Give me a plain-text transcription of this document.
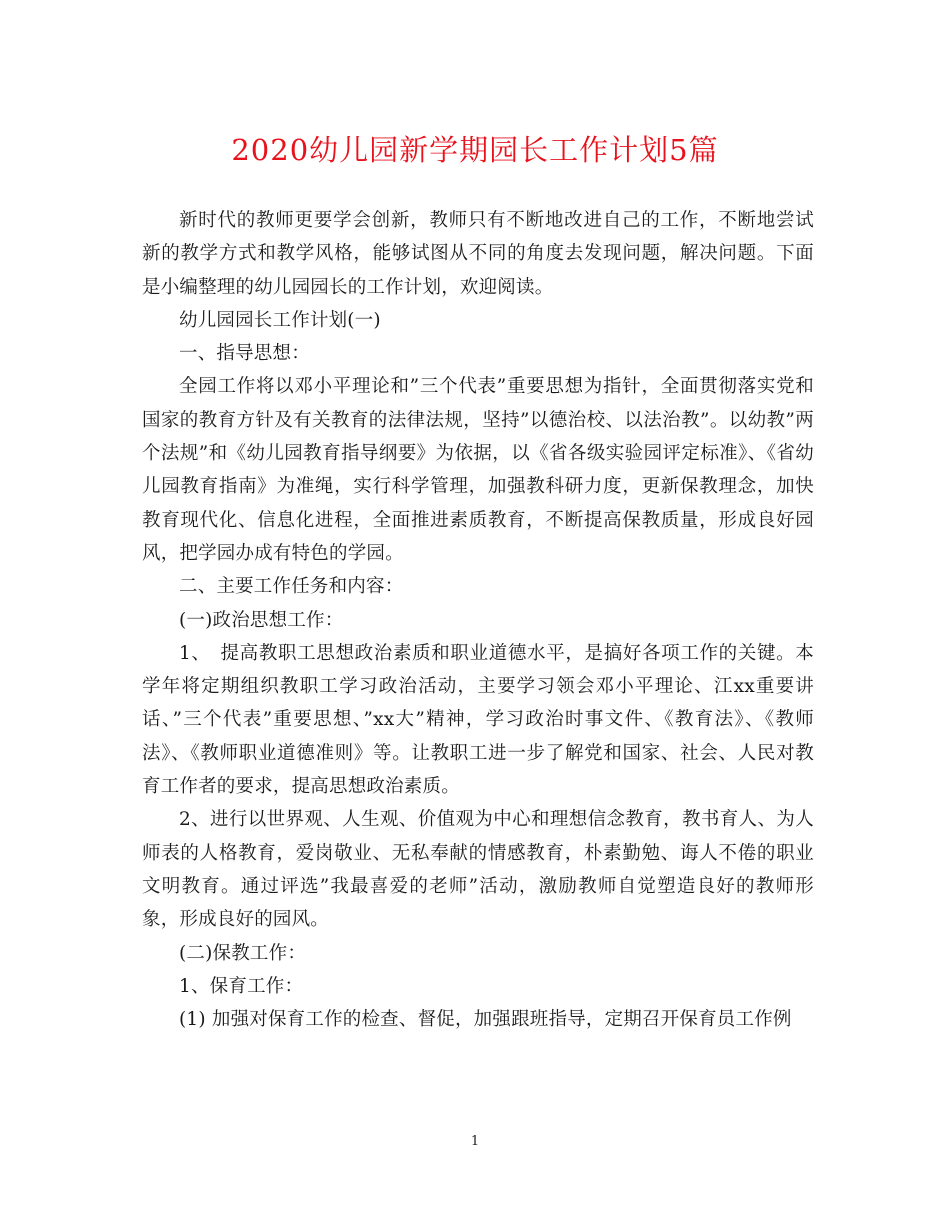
2020幼儿园新学期园长工作计划5篇

新时代的教师更要学会创新，教师只有不断地改进自己的工作，不断地尝试新的教学方式和教学风格，能够试图从不同的角度去发现问题，解决问题。下面是小编整理的幼儿园园长的工作计划，欢迎阅读。

幼儿园园长工作计划(一)

一、指导思想：

全园工作将以邓小平理论和”三个代表”重要思想为指针，全面贯彻落实党和国家的教育方针及有关教育的法律法规，坚持”以德治校、以法治教”。以幼教”两个法规”和《幼儿园教育指导纲要》为依据，以《省各级实验园评定标准》、《省幼儿园教育指南》为准绳，实行科学管理，加强教科研力度，更新保教理念，加快教育现代化、信息化进程，全面推进素质教育，不断提高保教质量，形成良好园风，把学园办成有特色的学园。

二、主要工作任务和内容：

(一)政治思想工作：

1、　提高教职工思想政治素质和职业道德水平，是搞好各项工作的关键。本学年将定期组织教职工学习政治活动，主要学习领会邓小平理论、江xx重要讲话、”三个代表”重要思想、”xx大”精神，学习政治时事文件、《教育法》、《教师法》、《教师职业道德准则》等。让教职工进一步了解党和国家、社会、人民对教育工作者的要求，提高思想政治素质。

2、进行以世界观、人生观、价值观为中心和理想信念教育，教书育人、为人师表的人格教育，爱岗敬业、无私奉献的情感教育，朴素勤勉、诲人不倦的职业文明教育。通过评选”我最喜爱的老师”活动，激励教师自觉塑造良好的教师形象，形成良好的园风。

(二)保教工作：

1、保育工作：

(1) 加强对保育工作的检查、督促，加强跟班指导，定期召开保育员工作例

1
